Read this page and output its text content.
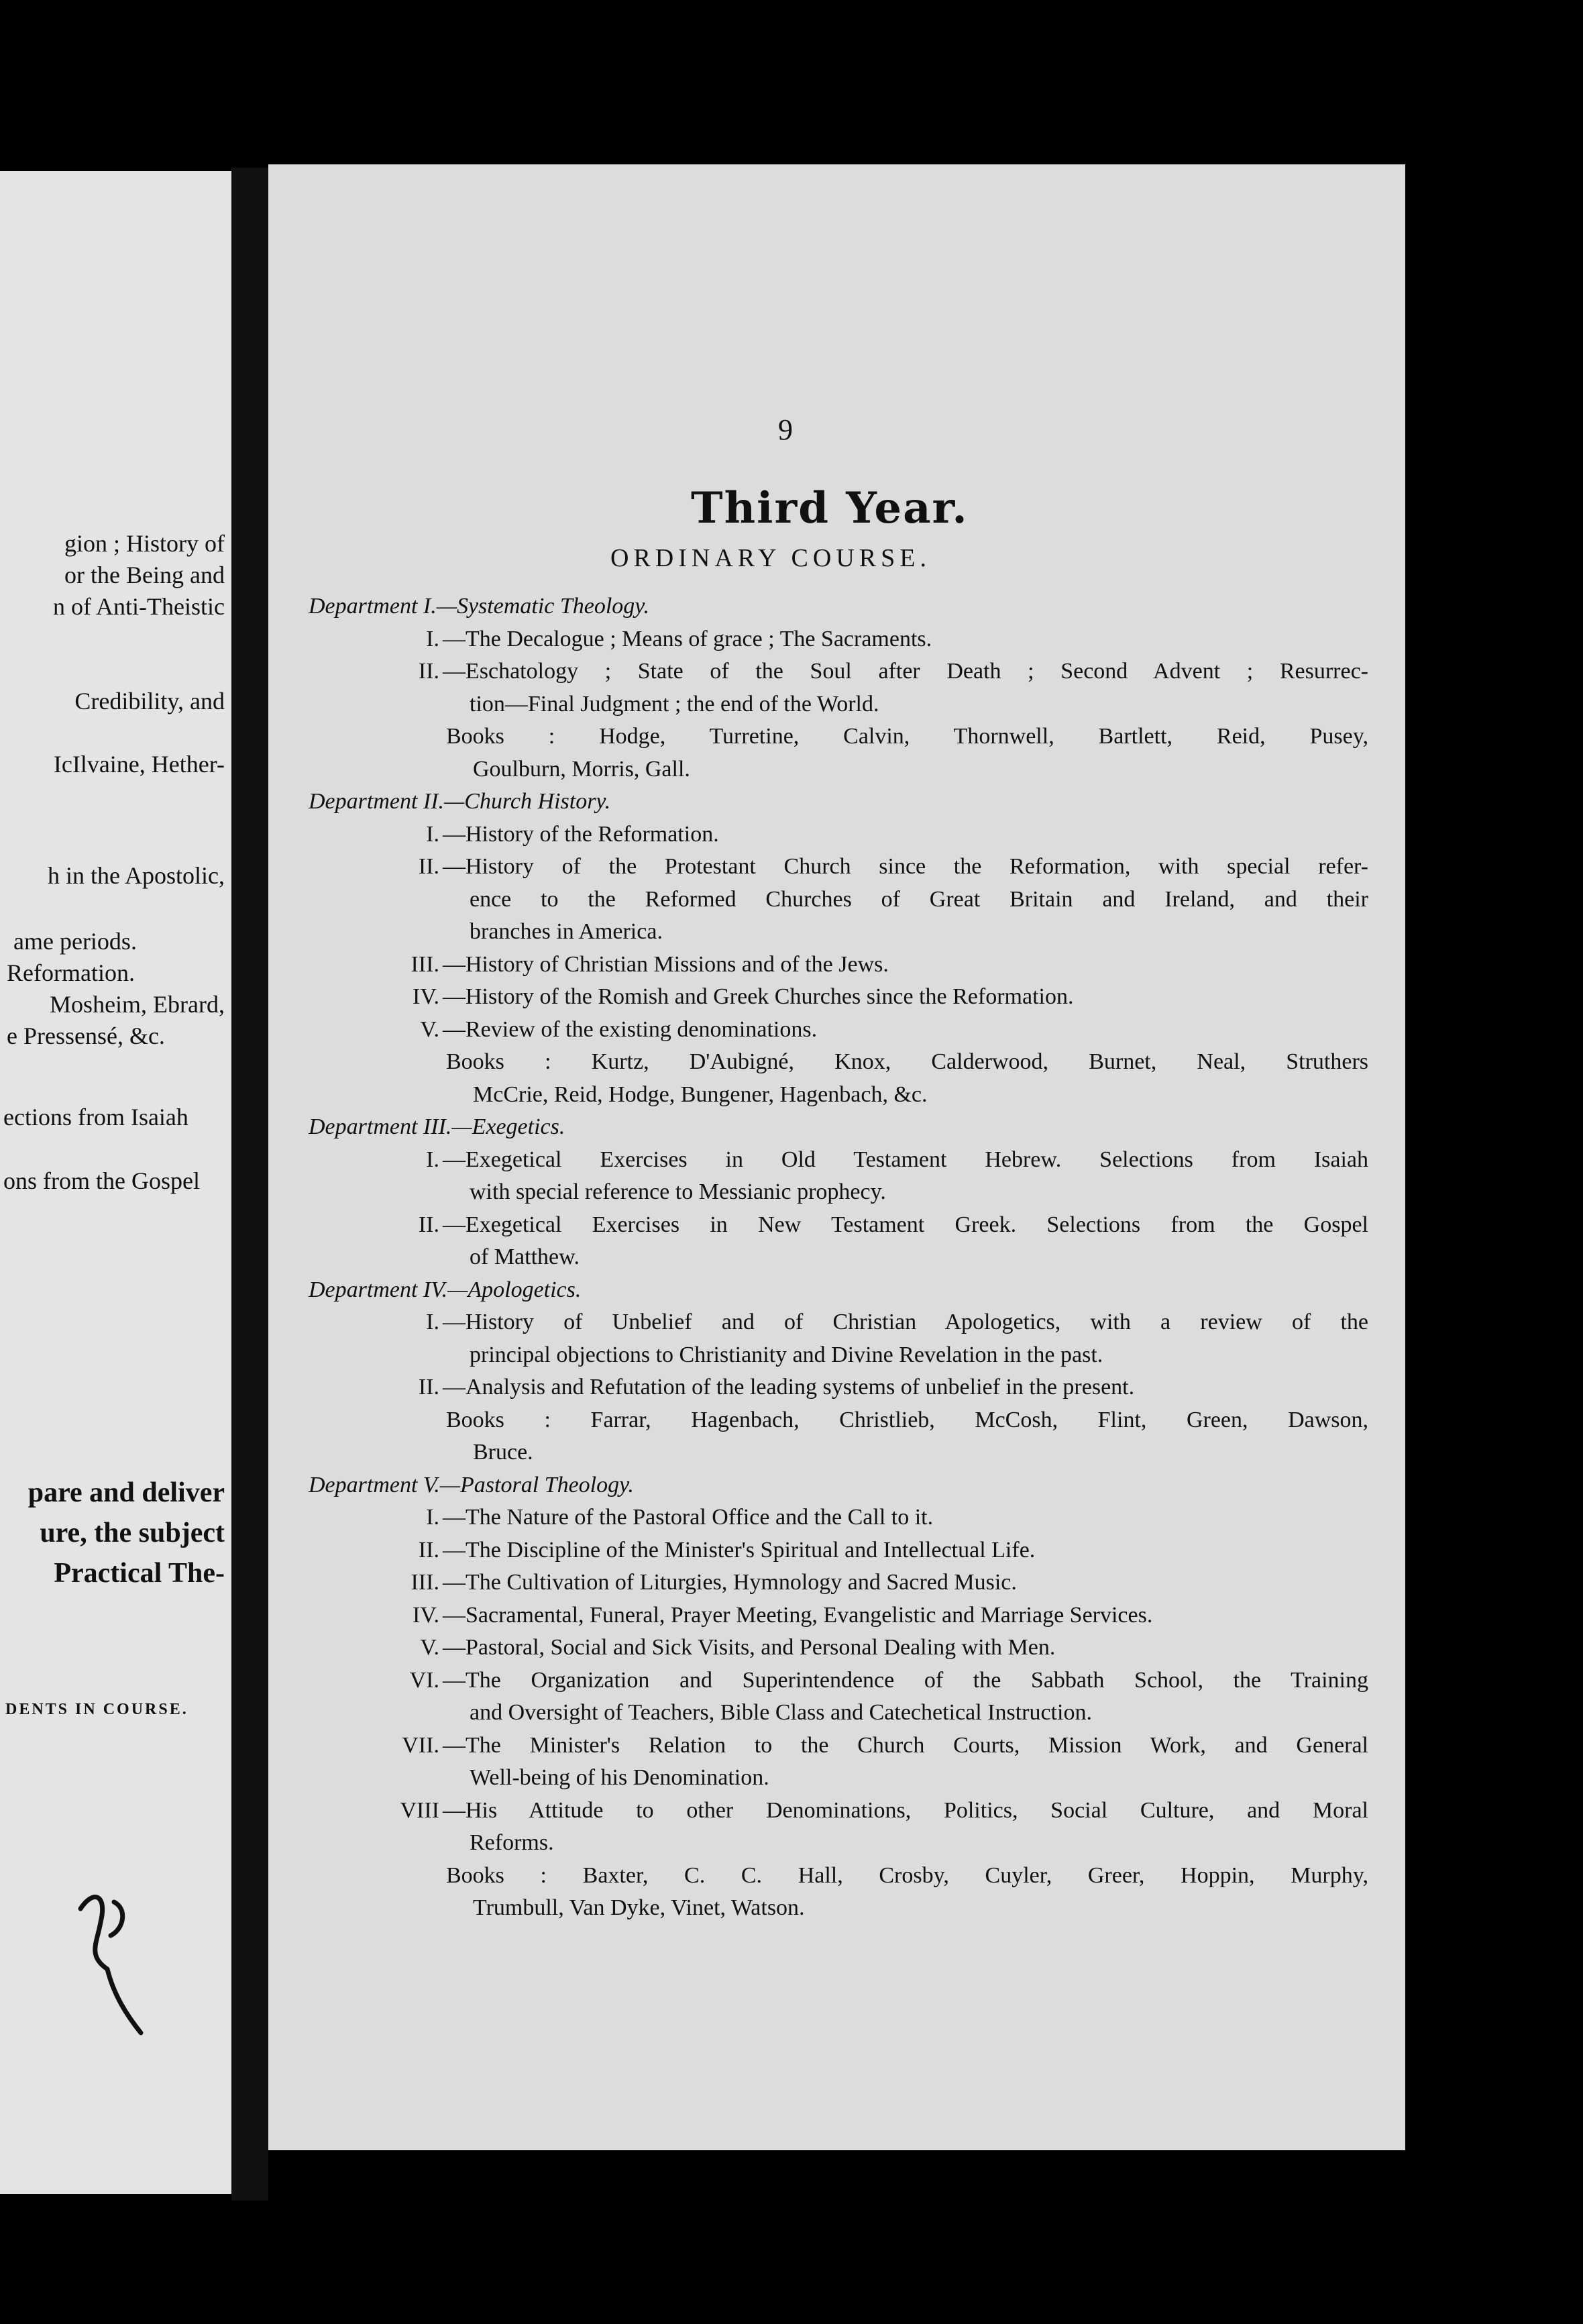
gion ; History of
or the Being and
n of Anti-Theistic
Credibility, and
IcIlvaine, Hether-
h in the Apostolic,
ame periods.
Reformation.
Mosheim, Ebrard,
e Pressensé, &c.
ections from Isaiah
ons from the Gospel
pare and deliver
ure, the subject
Practical The-
DENTS IN COURSE.
9
Third Year.
ORDINARY COURSE.
Department I.—Systematic Theology.
I. —The Decalogue ; Means of grace ; The Sacraments.
II. —Eschatology ; State of the Soul after Death ; Second Advent ; Resurrec-
tion—Final Judgment ; the end of the World.
Books : Hodge, Turretine, Calvin, Thornwell, Bartlett, Reid, Pusey,
Goulburn, Morris, Gall.
Department II.—Church History.
I. —History of the Reformation.
II. —History of the Protestant Church since the Reformation, with special refer-
ence to the Reformed Churches of Great Britain and Ireland, and their
branches in America.
III. —History of Christian Missions and of the Jews.
IV. —History of the Romish and Greek Churches since the Reformation.
V. —Review of the existing denominations.
Books : Kurtz, D'Aubigné, Knox, Calderwood, Burnet, Neal, Struthers
McCrie, Reid, Hodge, Bungener, Hagenbach, &c.
Department III.—Exegetics.
I. —Exegetical Exercises in Old Testament Hebrew. Selections from Isaiah
with special reference to Messianic prophecy.
II. —Exegetical Exercises in New Testament Greek. Selections from the Gospel
of Matthew.
Department IV.—Apologetics.
I. —History of Unbelief and of Christian Apologetics, with a review of the
principal objections to Christianity and Divine Revelation in the past.
II. —Analysis and Refutation of the leading systems of unbelief in the present.
Books : Farrar, Hagenbach, Christlieb, McCosh, Flint, Green, Dawson,
Bruce.
Department V.—Pastoral Theology.
I. —The Nature of the Pastoral Office and the Call to it.
II. —The Discipline of the Minister's Spiritual and Intellectual Life.
III. —The Cultivation of Liturgies, Hymnology and Sacred Music.
IV. —Sacramental, Funeral, Prayer Meeting, Evangelistic and Marriage Services.
V. —Pastoral, Social and Sick Visits, and Personal Dealing with Men.
VI. —The Organization and Superintendence of the Sabbath School, the Training
and Oversight of Teachers, Bible Class and Catechetical Instruction.
VII. —The Minister's Relation to the Church Courts, Mission Work, and General
Well-being of his Denomination.
VIII —His Attitude to other Denominations, Politics, Social Culture, and Moral
Reforms.
Books : Baxter, C. C. Hall, Crosby, Cuyler, Greer, Hoppin, Murphy,
Trumbull, Van Dyke, Vinet, Watson.
